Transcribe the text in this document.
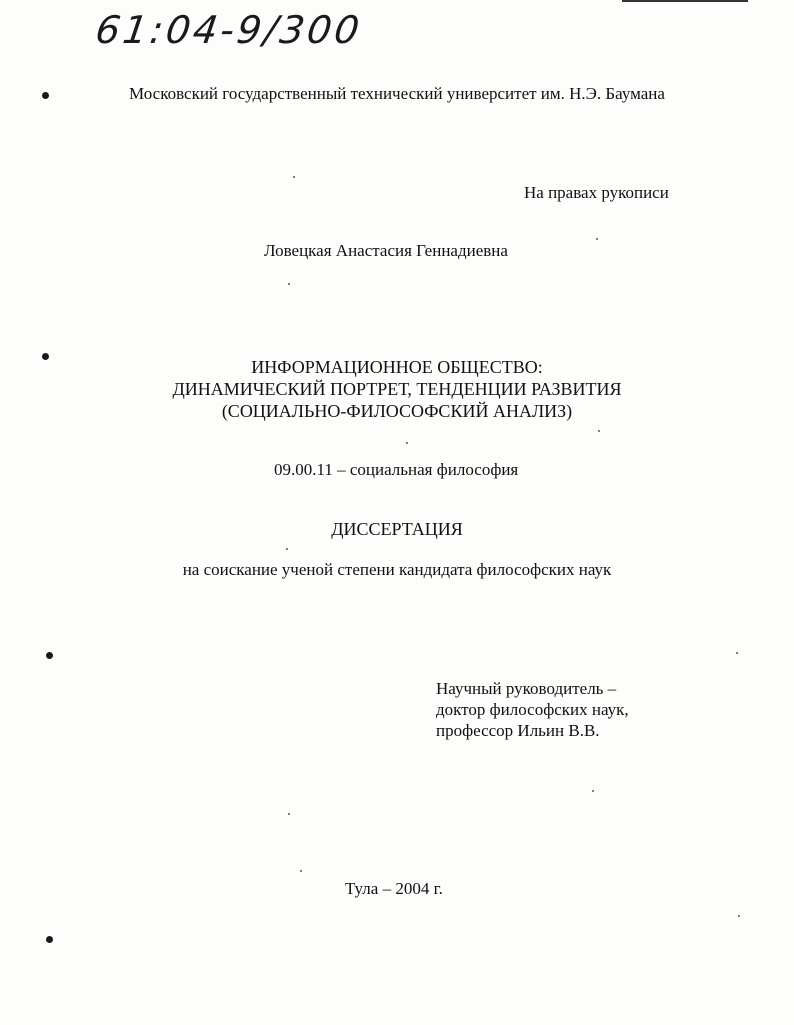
61:04-9/300
Московский государственный технический университет им. Н.Э. Баумана
На правах рукописи
Ловецкая Анастасия Геннадиевна
ИНФОРМАЦИОННОЕ ОБЩЕСТВО:
ДИНАМИЧЕСКИЙ ПОРТРЕТ, ТЕНДЕНЦИИ РАЗВИТИЯ
(СОЦИАЛЬНО-ФИЛОСОФСКИЙ АНАЛИЗ)
09.00.11 – социальная философия
ДИССЕРТАЦИЯ
на соискание ученой степени кандидата философских наук
Научный руководитель –
доктор философских наук,
профессор Ильин В.В.
Тула – 2004 г.
